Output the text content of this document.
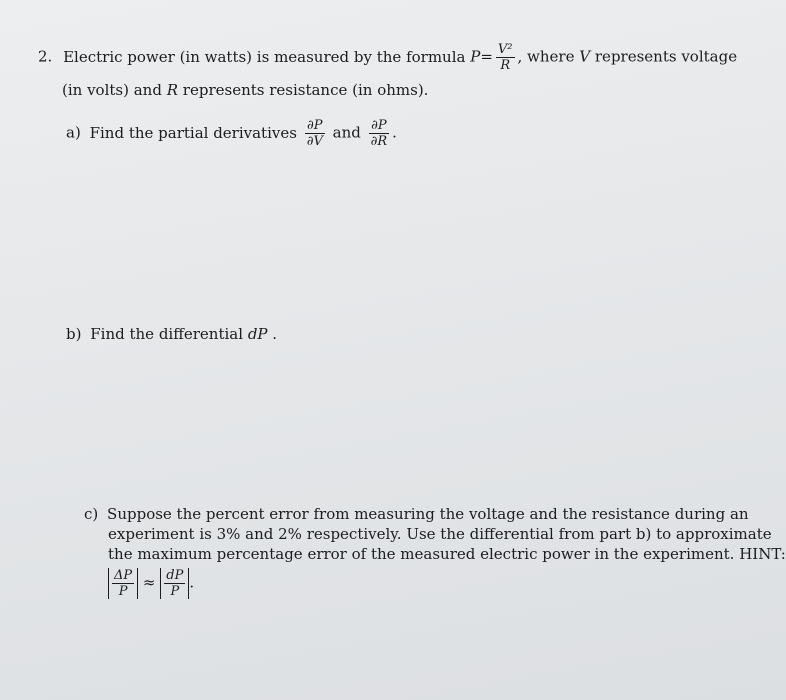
2. Electric power (in watts) is measured by the formula $P= \frac{\text{V²}}{R}$ , where V represents voltage
(in volts) and R represents resistance (in ohms).
a) Find the partial derivatives $\frac{\partial P}{\partial V}$ and $\frac{\partial P}{\partial R}$ .
b) Find the differential dP .
c) Suppose the percent error from measuring the voltage and the resistance during an
experiment is 3% and 2% respectively. Use the differential from part b) to approximate
the maximum percentage error of the measured electric power in the experiment. HINT:
$\frac{\Delta P}{P} \approx \frac{dP}{P}$ .
